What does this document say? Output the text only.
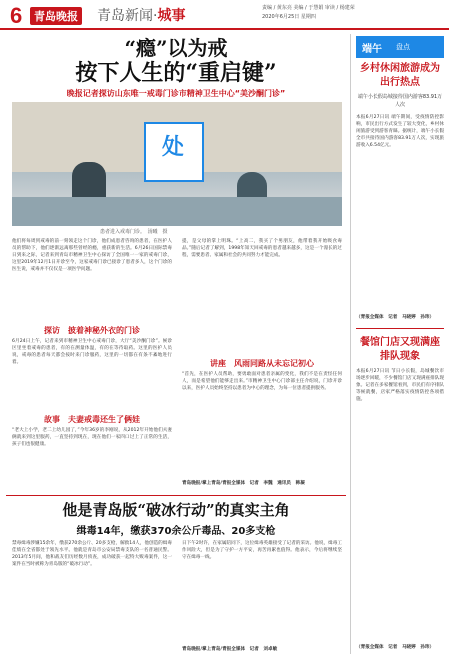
6	青岛晚报 青岛新闻·城事	责编 / 黄东亮 美编 / 于慧娟 审读 / 杨建荣
2020年6月25日 星期四
“瘾”以为戒
按下人生的“重启键”
晚报记者探访山东唯一戒毒门诊市精神卫生中心“美沙酮门诊”
处
患者进入戒毒门诊。　汤曦　摄
他们将每周到戒毒的前一刻领走这个门诊，他们成患者咨询的患者，在医护人员的帮助下，他们逐渐远离那些曾经的瘾，重获新的生活。6月26日国际禁毒日到来之际，记者来到青岛市精神卫生中心探访了全国唯一一家的戒毒门诊，这里2019年12月1日开诊至今，这家戒毒门诊已接诊了患者多人，这个门诊的医生说，戒毒并不仅仅是一项医学问题。
探访　披着神秘外衣的门诊
6月24日上午，记者来到市精神卫生中心戒毒门诊，大厅“美沙酮门诊”。候诊区里坐着戒毒的患者，有的在测量体温，有的在等待取药。这里的医护人员说，戒毒的患者每天都会按时来门诊服药，这里的一切都在有条不紊地进行着。
故事　夫妻戒毒还生了俩娃
“老大上小学，老二上幼儿园了，”今年36岁的李刚说，从2012年开始他们夫妻俩就来到这里服药，一直坚持到现在，现在他们一家四口过上了正常的生活，孩子们也很健康。
提，是父母的掌上明珠。“上高二，我买了个男朋友，他带着我开始吸食毒品。”随后记者了解到，1998年知天回戒毒的患者越来越多，这是一个漫长的过程，需要患者、家属和社会的共同努力才能完成。
讲座　风雨同路从未忘记初心
“首先，在医护人员帮助，要勇敢面对患者亲属的变化，我们不是在责怪任何人，而是希望他们能够走出来。”市精神卫生中心门诊部主任介绍说，门诊开诊以来，医护人员始终坚持以患者为中心的理念，为每一位患者提供服务。
青岛晚报/掌上青岛/青报全媒体　记者　李魏　通讯员　韩凝
他是青岛版“破冰行动”的真实主角
缉毒14年，缴获370余公斤毒品、20多支枪
禁毒缉毒涉嫌15余年，缴获270余公斤、20多支枪，解救14人，他创造的缉毒佳绩在全省都处于领先水平。他就是青岛市公安局禁毒支队的一名普通民警。2013年5月间，他和战友们历经数月侦查，成功破获一起特大贩毒案件，这一案件在当时被称为青岛版的“破冰行动”。
日下午2时许，在家属陪同下，这位缉毒英雄接受了记者的采访。他说，缉毒工作风险大，但是为了守护一方平安，再苦再累也值得。他表示，今后将继续坚守在缉毒一线。
青岛晚报/掌上青岛/青报全媒体　记者　刘卓敏
端午 盘点
乡村休闲旅游成为出行热点
端午小长假岛城接待国内游客83.91万人次
本报6月27日讯 端午期间，受疫情防控影响，市民出行方式发生了较大变化，乡村休闲旅游受到游客青睐。据统计，端午小长假全市共接待国内游客83.91万人次，实现旅游收入6.54亿元。
（青报全媒体　记者　马晓婷　孙玮）
餐馆门店又现满座排队现象
本报6月27日讯 节日小长假，岛城餐饮市场逐步回暖，不少餐馆门店又现满座排队现象。记者在多家餐馆看到，市民们有序排队等候就餐，店家严格落实疫情防控各项措施。
（青报全媒体　记者　马晓婷　孙玮）
